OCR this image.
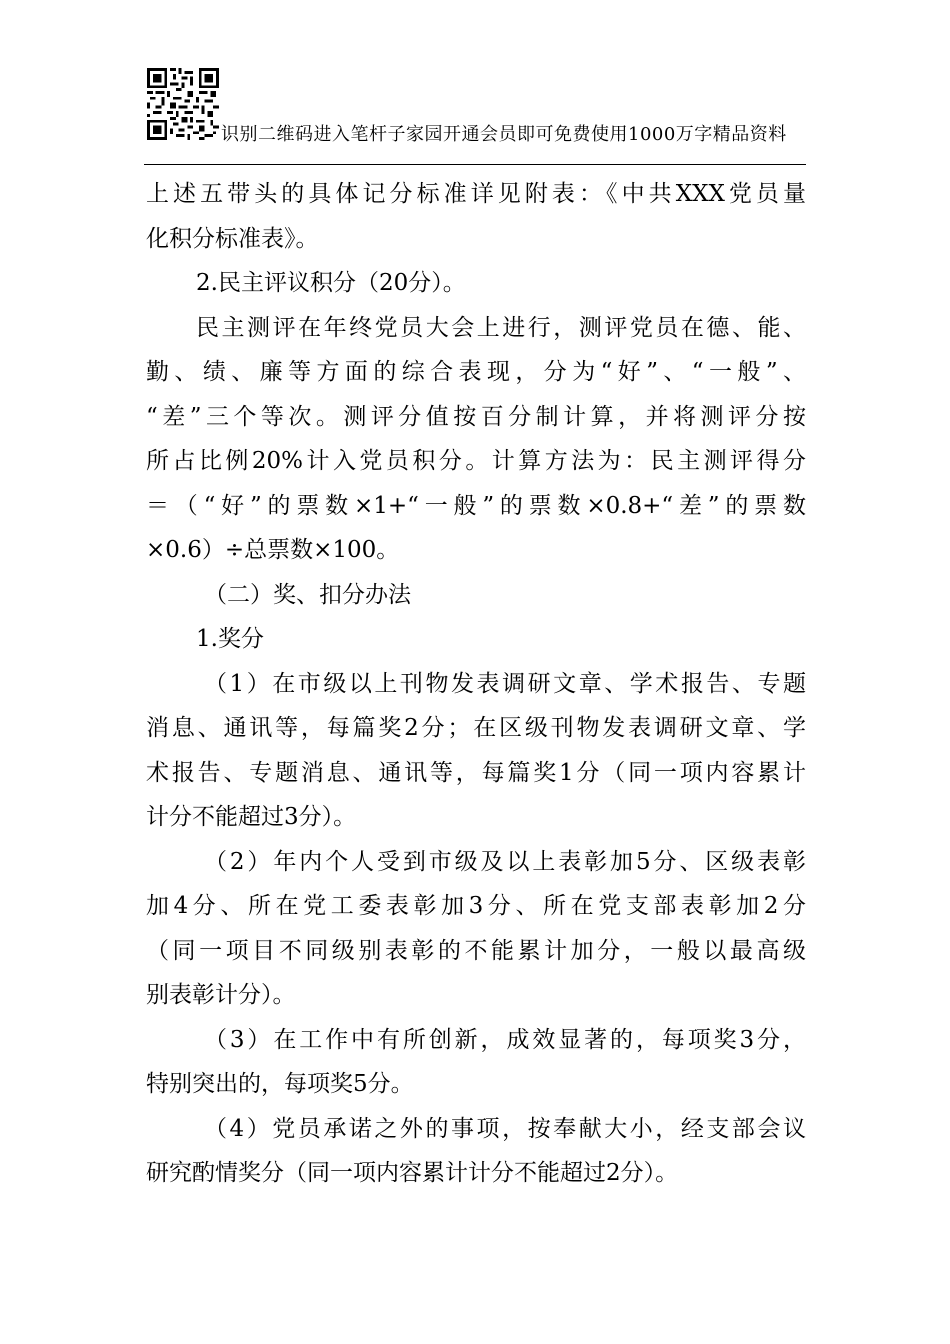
识别二维码进入笔杆子家园开通会员即可免费使用1000万字精品资料
上述五带头的具体记分标准详见附表：《中共XXX党员量
化积分标准表》。
2.民主评议积分（20分）。
民主测评在年终党员大会上进行，测评党员在德、能、
勤、绩、廉等方面的综合表现，分为“好”、“一般”、
“差”三个等次。测评分值按百分制计算，并将测评分按
所占比例20%计入党员积分。计算方法为：民主测评得分
＝（“好”的票数×1+“一般”的票数×0.8+“差”的票数
×0.6）÷总票数×100。
（二）奖、扣分办法
1.奖分
（1）在市级以上刊物发表调研文章、学术报告、专题
消息、通讯等，每篇奖2分；在区级刊物发表调研文章、学
术报告、专题消息、通讯等，每篇奖1分（同一项内容累计
计分不能超过3分）。
（2）年内个人受到市级及以上表彰加5分、区级表彰
加4分、所在党工委表彰加3分、所在党支部表彰加2分
（同一项目不同级别表彰的不能累计加分，一般以最高级
别表彰计分）。
（3）在工作中有所创新，成效显著的，每项奖3分，
特别突出的，每项奖5分。
（4）党员承诺之外的事项，按奉献大小，经支部会议
研究酌情奖分（同一项内容累计计分不能超过2分）。
